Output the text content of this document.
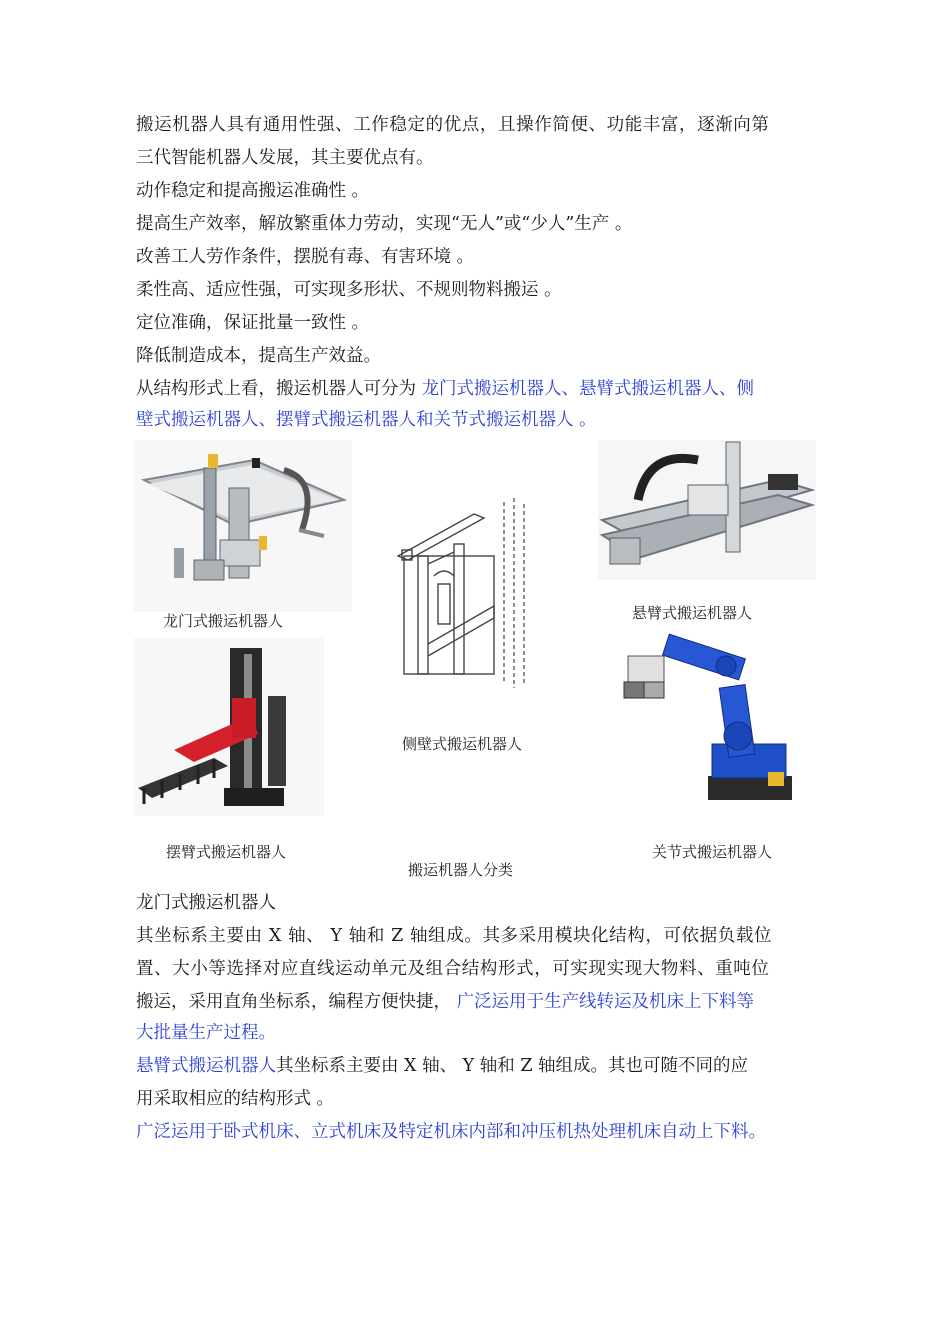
搬运机器人具有通用性强、工作稳定的优点，且操作简便、功能丰富，逐渐向第
三代智能机器人发展，其主要优点有。
动作稳定和提高搬运准确性 。
提高生产效率，解放繁重体力劳动，实现“无人”或“少人”生产 。
改善工人劳作条件，摆脱有毒、有害环境 。
柔性高、适应性强，可实现多形状、不规则物料搬运 。
定位准确，保证批量一致性 。
降低制造成本，提高生产效益。
从结构形式上看，搬运机器人可分为 龙门式搬运机器人、悬臂式搬运机器人、侧
壁式搬运机器人、摆臂式搬运机器人和关节式搬运机器人 。
龙门式搬运机器人	悬臂式搬运机器人
侧壁式搬运机器人
摆臂式搬运机器人	关节式搬运机器人
搬运机器人分类
龙门式搬运机器人
其坐标系主要由 X 轴、 Y 轴和 Z 轴组成。其多采用模块化结构，可依据负载位
置、大小等选择对应直线运动单元及组合结构形式，可实现实现大物料、重吨位
搬运，采用直角坐标系，编程方便快捷， 广泛运用于生产线转运及机床上下料等
大批量生产过程。
悬臂式搬运机器人其坐标系主要由 X 轴、 Y 轴和 Z 轴组成。其也可随不同的应
用采取相应的结构形式 。
广泛运用于卧式机床、立式机床及特定机床内部和冲压机热处理机床自动上下料。
